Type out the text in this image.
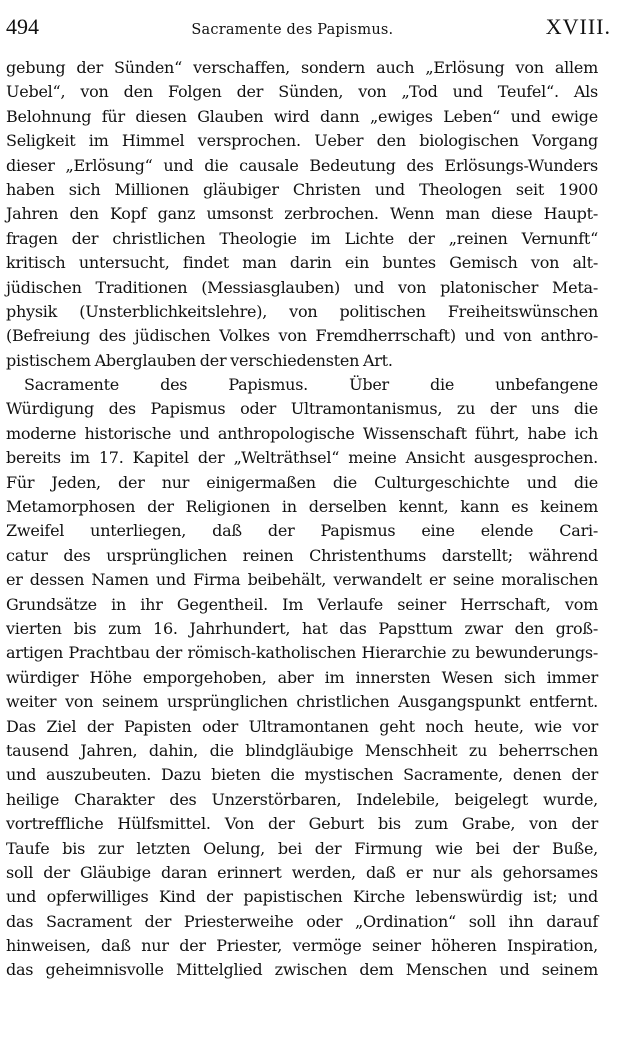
494	Sacramente des Papismus.	XVIII.
gebung der Sünden“ verschaffen, sondern auch „Erlösung von allem
Uebel“, von den Folgen der Sünden, von „Tod und Teufel“. Als
Belohnung für diesen Glauben wird dann „ewiges Leben“ und ewige
Seligkeit im Himmel versprochen. Ueber den biologischen Vorgang
dieser „Erlösung“ und die causale Bedeutung des Erlösungs-Wunders
haben sich Millionen gläubiger Christen und Theologen seit 1900
Jahren den Kopf ganz umsonst zerbrochen. Wenn man diese Haupt-
fragen der christlichen Theologie im Lichte der „reinen Vernunft“
kritisch untersucht, findet man darin ein buntes Gemisch von alt-
jüdischen Traditionen (Messiasglauben) und von platonischer Meta-
physik (Unsterblichkeitslehre), von politischen Freiheitswünschen
(Befreiung des jüdischen Volkes von Fremdherrschaft) und von anthro-
pistischem Aberglauben der verschiedensten Art.
Sacramente des Papismus. Über die unbefangene
Würdigung des Papismus oder Ultramontanismus, zu der uns die
moderne historische und anthropologische Wissenschaft führt, habe ich
bereits im 17. Kapitel der „Welträthsel“ meine Ansicht ausgesprochen.
Für Jeden, der nur einigermaßen die Culturgeschichte und die
Metamorphosen der Religionen in derselben kennt, kann es keinem
Zweifel unterliegen, daß der Papismus eine elende Cari-
catur des ursprünglichen reinen Christenthums darstellt; während
er dessen Namen und Firma beibehält, verwandelt er seine moralischen
Grundsätze in ihr Gegentheil. Im Verlaufe seiner Herrschaft, vom
vierten bis zum 16. Jahrhundert, hat das Papsttum zwar den groß-
artigen Prachtbau der römisch-katholischen Hierarchie zu bewunderungs-
würdiger Höhe emporgehoben, aber im innersten Wesen sich immer
weiter von seinem ursprünglichen christlichen Ausgangspunkt entfernt.
Das Ziel der Papisten oder Ultramontanen geht noch heute, wie vor
tausend Jahren, dahin, die blindgläubige Menschheit zu beherrschen
und auszubeuten. Dazu bieten die mystischen Sacramente, denen der
heilige Charakter des Unzerstörbaren, Indelebile, beigelegt wurde,
vortreffliche Hülfsmittel. Von der Geburt bis zum Grabe, von der
Taufe bis zur letzten Oelung, bei der Firmung wie bei der Buße,
soll der Gläubige daran erinnert werden, daß er nur als gehorsames
und opferwilliges Kind der papistischen Kirche lebenswürdig ist; und
das Sacrament der Priesterweihe oder „Ordination“ soll ihn darauf
hinweisen, daß nur der Priester, vermöge seiner höheren Inspiration,
das geheimnisvolle Mittelglied zwischen dem Menschen und seinem
